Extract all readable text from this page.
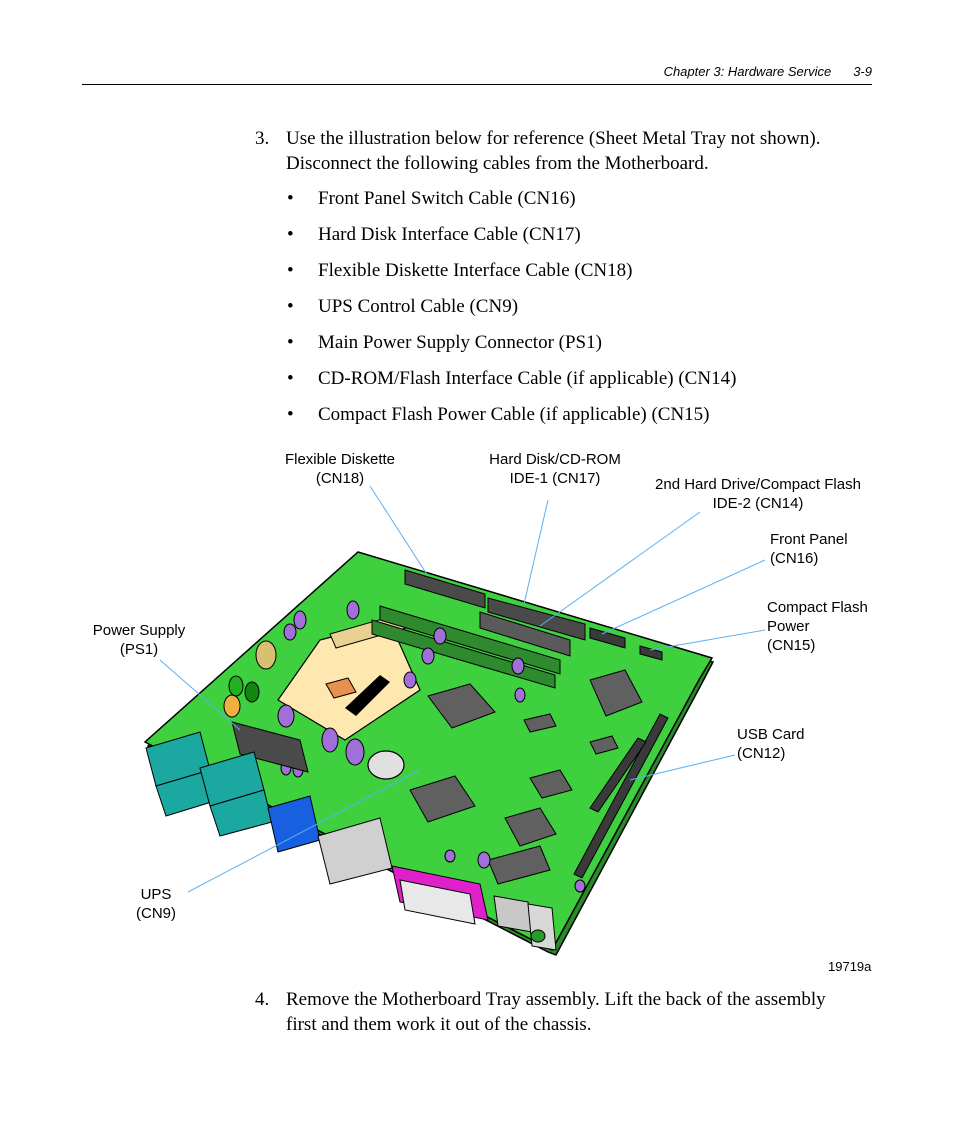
Chapter 3: Hardware Service 3-9
3. Use the illustration below for reference (Sheet Metal Tray not shown). Disconnect the following cables from the Motherboard.
• Front Panel Switch Cable (CN16)
• Hard Disk Interface Cable (CN17)
• Flexible Diskette Interface Cable (CN18)
• UPS Control Cable (CN9)
• Main Power Supply Connector (PS1)
• CD-ROM/Flash Interface Cable (if applicable) (CN14)
• Compact Flash Power Cable (if applicable) (CN15)
Flexible Diskette
(CN18)
Hard Disk/CD-ROM
IDE-1 (CN17)	2nd Hard Drive/Compact Flash
IDE-2 (CN14)
Front Panel
(CN16)
Compact Flash
Power
(CN15)
Power Supply
(PS1)
USB Card
(CN12)
UPS
(CN9)
19719a
4. Remove the Motherboard Tray assembly. Lift the back of the assembly first and them work it out of the chassis.
